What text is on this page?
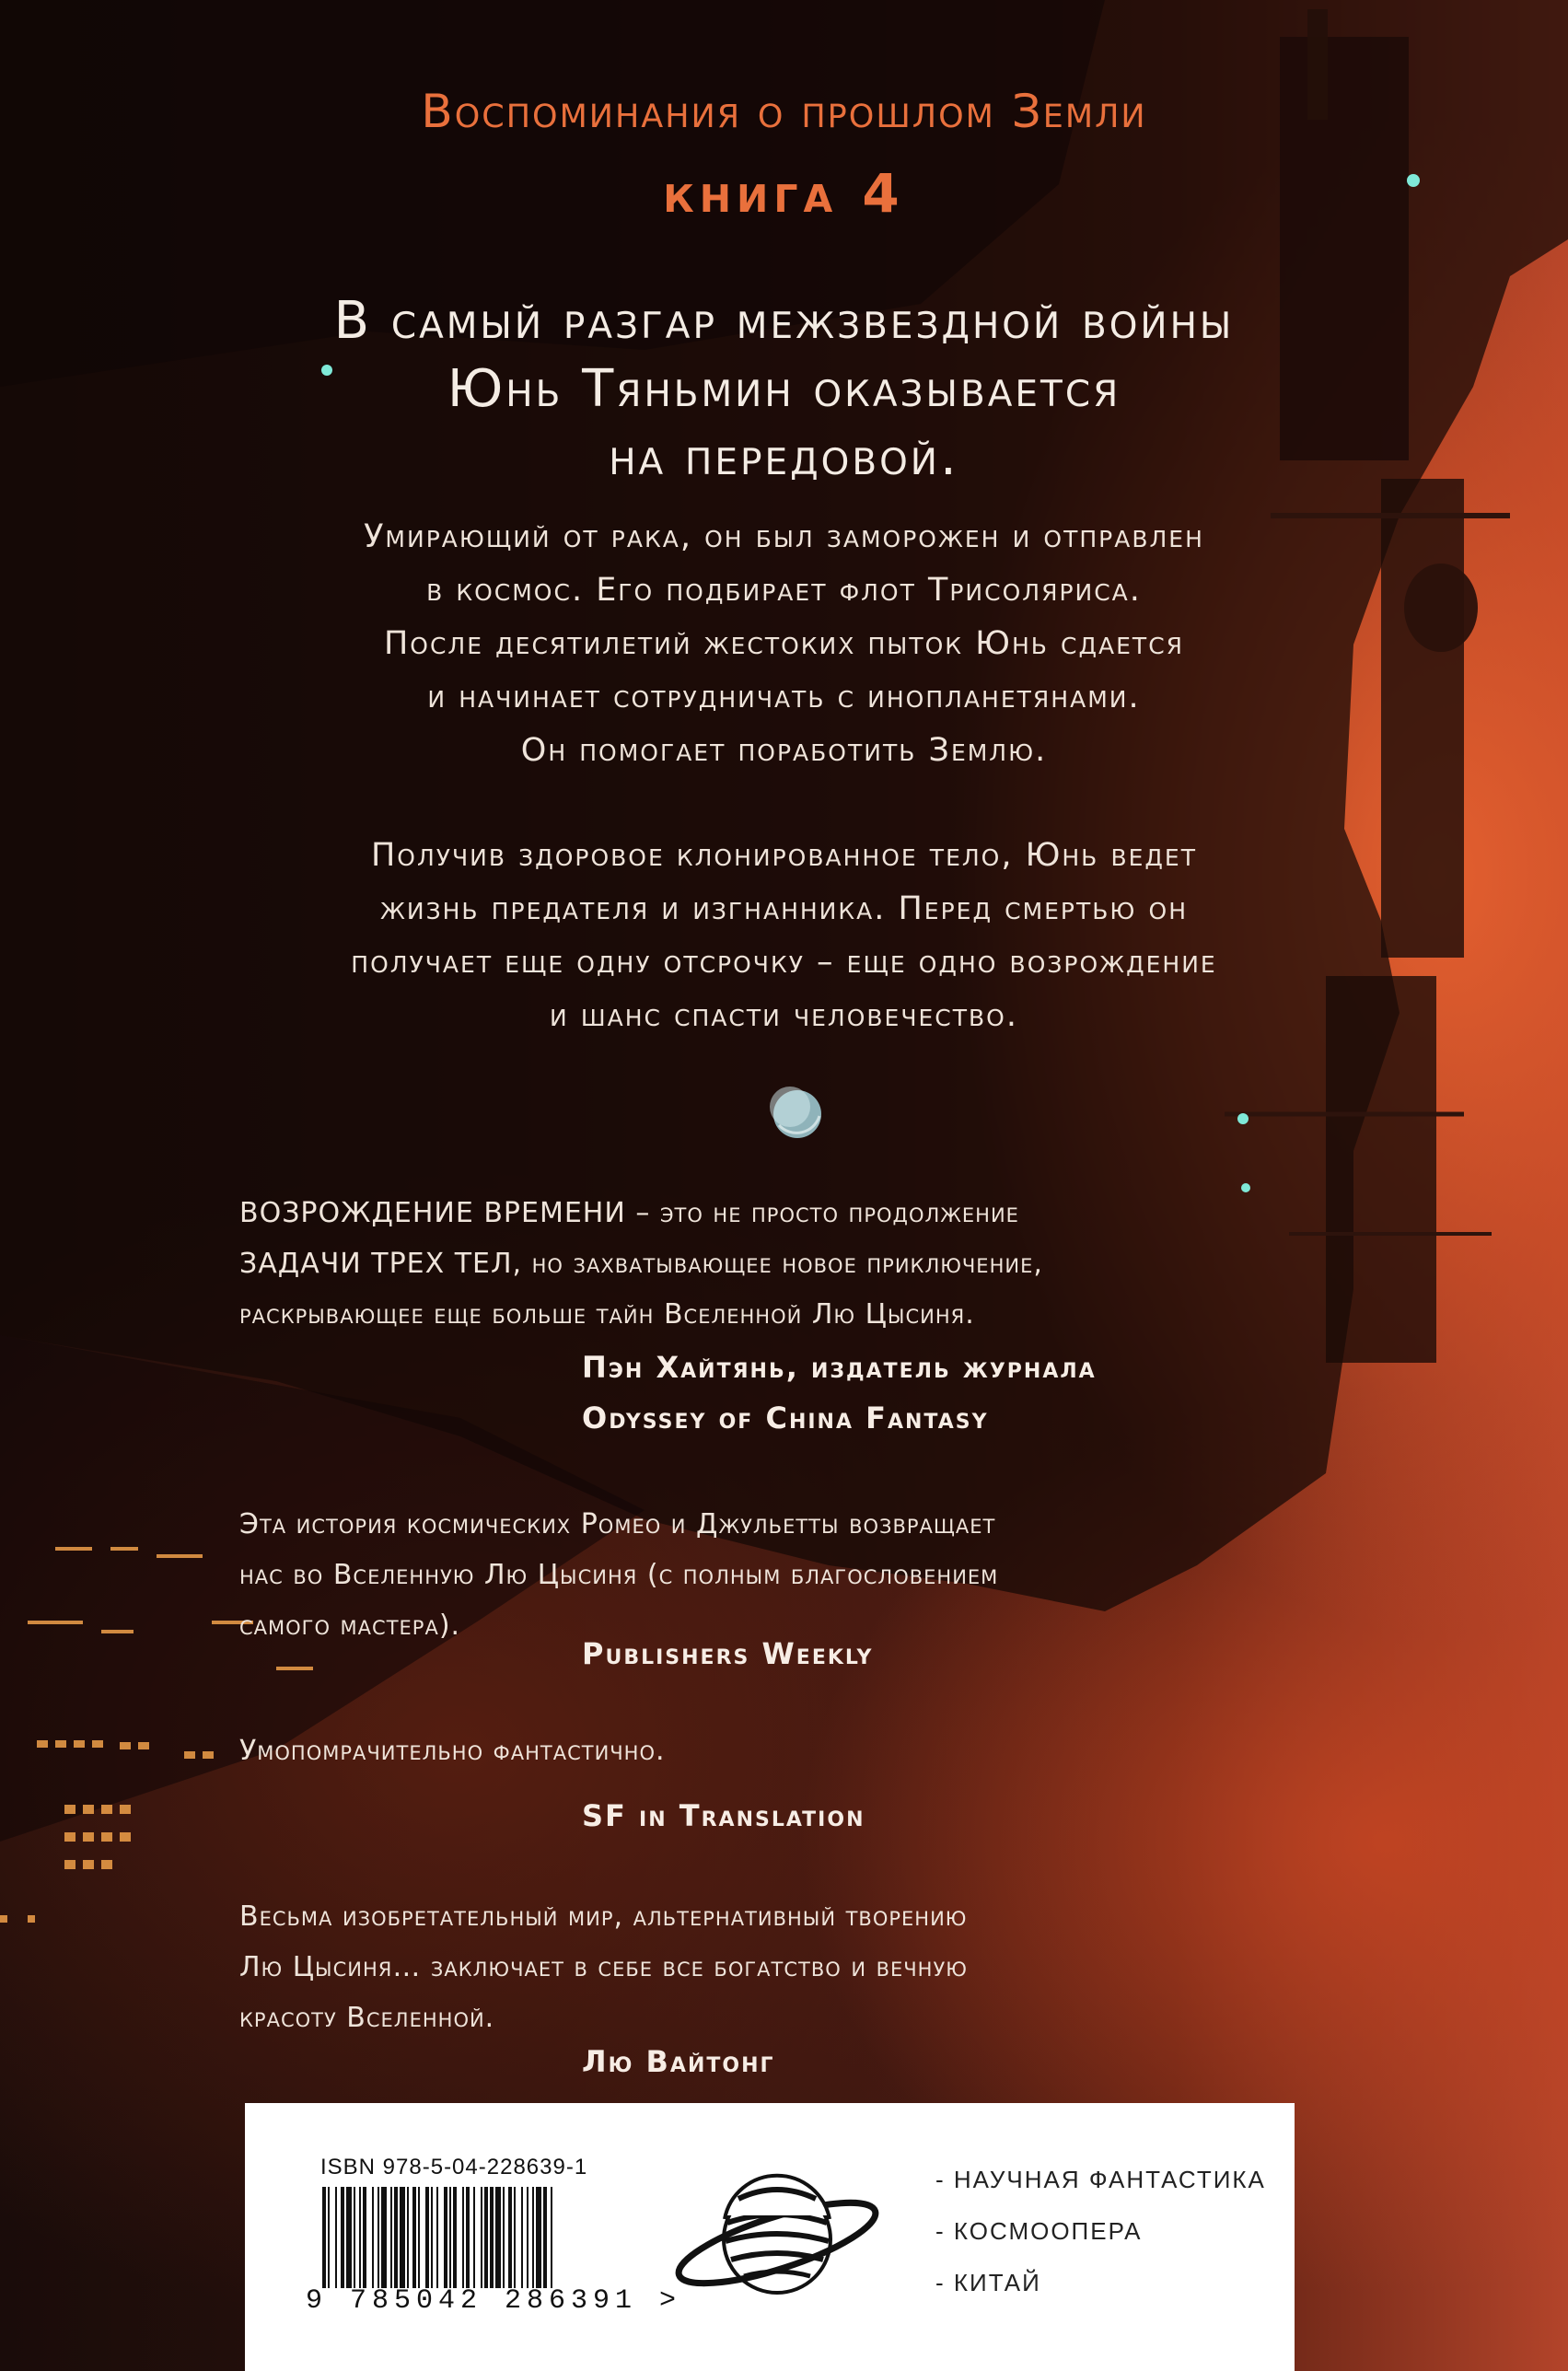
Воспоминания о прошлом Земли

книга 4

В самый разгар межзвездной войны
Юнь Тяньмин оказывается
на передовой.
Умирающий от рака, он был заморожен и отправлен
в космос. Его подбирает флот Трисоляриса.
После десятилетий жестоких пыток Юнь сдается
и начинает сотрудничать с инопланетянами.
Он помогает поработить Землю.
Получив здоровое клонированное тело, Юнь ведет
жизнь предателя и изгнанника. Перед смертью он
получает еще одну отсрочку – еще одно возрождение
и шанс спасти человечество.
ВОЗРОЖДЕНИЕ ВРЕМЕНИ – это не просто продолжение
ЗАДАЧИ ТРЕХ ТЕЛ, но захватывающее новое приключение,
раскрывающее еще больше тайн Вселенной Лю Цысиня.
Пэн Хайтянь, издатель журнала
Odyssey of China Fantasy
Эта история космических Ромео и Джульетты возвращает
нас во Вселенную Лю Цысиня (с полным благословением
самого мастера).
Publishers Weekly
Умопомрачительно фантастично.
SF in Translation
Весьма изобретательный мир, альтернативный творению
Лю Цысиня… заключает в себе все богатство и вечную
красоту Вселенной.
Лю Вайтонг

ISBN 978-5-04-228639-1

9 785042 286391 >

- НАУЧНАЯ ФАНТАСТИКА
- КОСМООПЕРА
- КИТАЙ
